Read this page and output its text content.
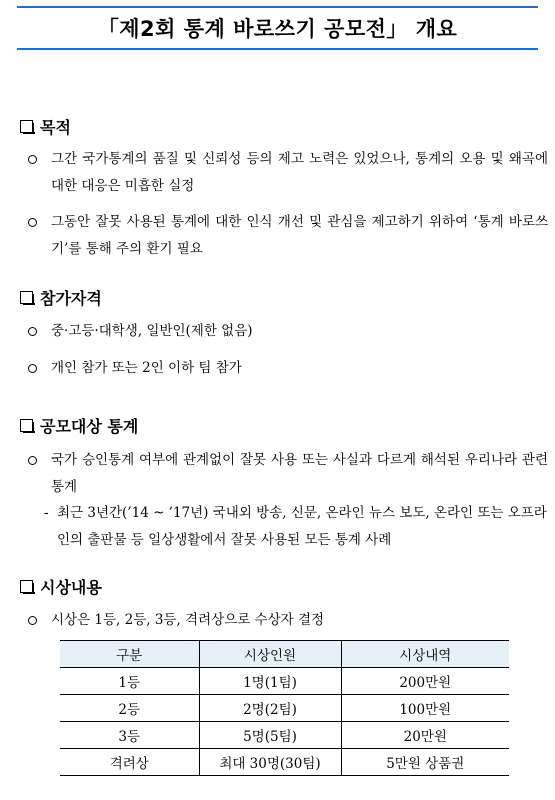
「제2회 통계 바로쓰기 공모전」 개요
목적
그간 국가통계의 품질 및 신뢰성 등의 제고 노력은 있었으나, 통계의 오용 및 왜곡에 대한 대응은 미흡한 실정
그동안 잘못 사용된 통계에 대한 인식 개선 및 관심을 제고하기 위하여 ‘통계 바로쓰기’를 통해 주의 환기 필요
참가자격
중·고등·대학생, 일반인(제한 없음)
개인 참가 또는 2인 이하 팀 참가
공모대상 통계
국가 승인통계 여부에 관계없이 잘못 사용 또는 사실과 다르게 해석된 우리나라 관련 통계
- 최근 3년간(’14 ~ ’17년) 국내외 방송, 신문, 온라인 뉴스 보도, 온라인 또는 오프라인의 출판물 등 일상생활에서 잘못 사용된 모든 통계 사례
시상내용
시상은 1등, 2등, 3등, 격려상으로 수상자 결정
구분	시상인원	시상내역
1등	1명(1팀)	200만원
2등	2명(2팀)	100만원
3등	5명(5팀)	20만원
격려상	최대 30명(30팀)	5만원 상품권
